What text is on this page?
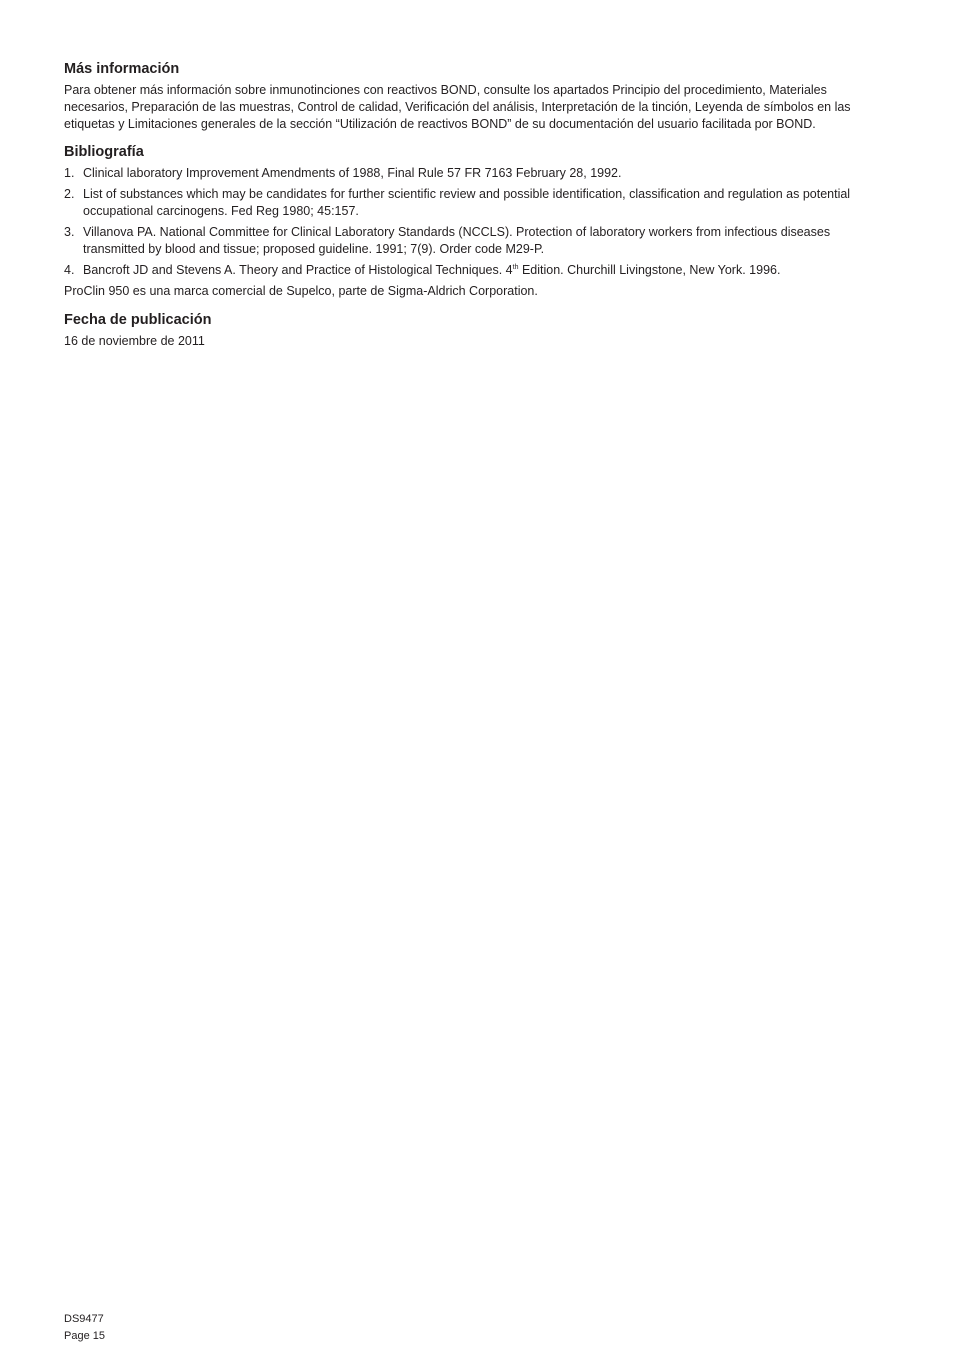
Más información

Para obtener más información sobre inmunotinciones con reactivos BOND, consulte los apartados Principio del procedimiento, Materiales necesarios, Preparación de las muestras, Control de calidad, Verificación del análisis, Interpretación de la tinción, Leyenda de símbolos en las etiquetas y Limitaciones generales de la sección “Utilización de reactivos BOND” de su documentación del usuario facilitada por BOND.

Bibliografía
1. Clinical laboratory Improvement Amendments of 1988, Final Rule 57 FR 7163 February 28, 1992.
2. List of substances which may be candidates for further scientific review and possible identification, classification and regulation as potential occupational carcinogens. Fed Reg 1980; 45:157.
3. Villanova PA. National Committee for Clinical Laboratory Standards (NCCLS). Protection of laboratory workers from infectious diseases transmitted by blood and tissue; proposed guideline. 1991; 7(9). Order code M29-P.
4. Bancroft JD and Stevens A. Theory and Practice of Histological Techniques. 4th Edition. Churchill Livingstone, New York. 1996.

ProClin 950 es una marca comercial de Supelco, parte de Sigma-Aldrich Corporation.

Fecha de publicación

16 de noviembre de 2011

DS9477
Page 15
